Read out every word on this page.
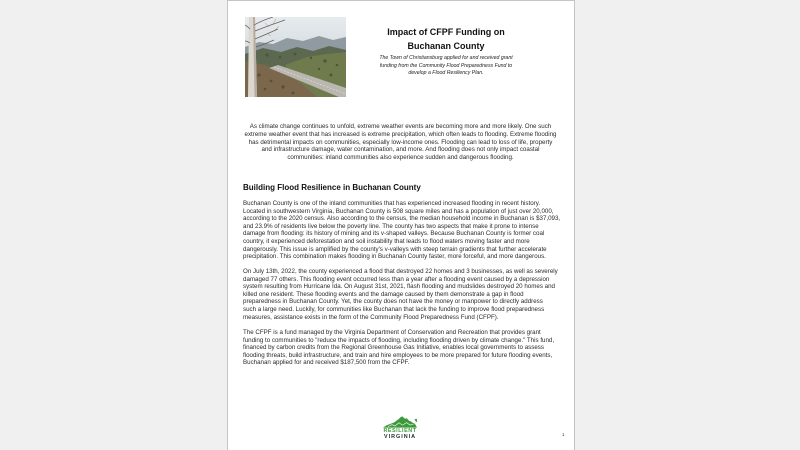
Impact of CFPF Funding on
Buchanan County
The Town of Christiansburg applied for and received grant
funding from the Community Flood Preparedness Fund to
develop a Flood Resiliency Plan.
As climate change continues to unfold, extreme weather events are becoming more and more likely. One such
extreme weather event that has increased is extreme precipitation, which often leads to flooding. Extreme flooding
has detrimental impacts on communities, especially low-income ones. Flooding can lead to loss of life, property
and infrastructure damage, water contamination, and more. And flooding does not only impact coastal
communities: inland communities also experience sudden and dangerous flooding.
Building Flood Resilience in Buchanan County
Buchanan County is one of the inland communities that has experienced increased flooding in recent history.
Located in southwestern Virginia, Buchanan County is 508 square miles and has a population of just over 20,000,
according to the 2020 census. Also according to the census, the median household income in Buchanan is $37,093,
and 23.9% of residents live below the poverty line. The county has two aspects that make it prone to intense
damage from flooding: its history of mining and its v-shaped valleys. Because Buchanan County is former coal
country, it experienced deforestation and soil instability that leads to flood waters moving faster and more
dangerously. This issue is amplified by the county's v-valleys with steep terrain gradients that further accelerate
precipitation. This combination makes flooding in Buchanan County faster, more forceful, and more dangerous.
On July 13th, 2022, the county experienced a flood that destroyed 22 homes and 3 businesses, as well as severely
damaged 77 others. This flooding event occurred less than a year after a flooding event caused by a depression
system resulting from Hurricane Ida. On August 31st, 2021, flash flooding and mudslides destroyed 20 homes and
killed one resident. These flooding events and the damage caused by them demonstrate a gap in flood
preparedness in Buchanan County. Yet, the county does not have the money or manpower to directly address
such a large need. Luckily, for communities like Buchanan that lack the funding to improve flood preparedness
measures, assistance exists in the form of the Community Flood Preparedness Fund (CFPF).
The CFPF is a fund managed by the Virginia Department of Conservation and Recreation that provides grant
funding to communities to "reduce the impacts of flooding, including flooding driven by climate change." This fund,
financed by carbon credits from the Regional Greenhouse Gas Initiative, enables local governments to assess
flooding threats, build infrastructure, and train and hire employees to be more prepared for future flooding events,
Buchanan applied for and received $187,500 from the CFPF.
RESILIENT
VIRGINIA	1
